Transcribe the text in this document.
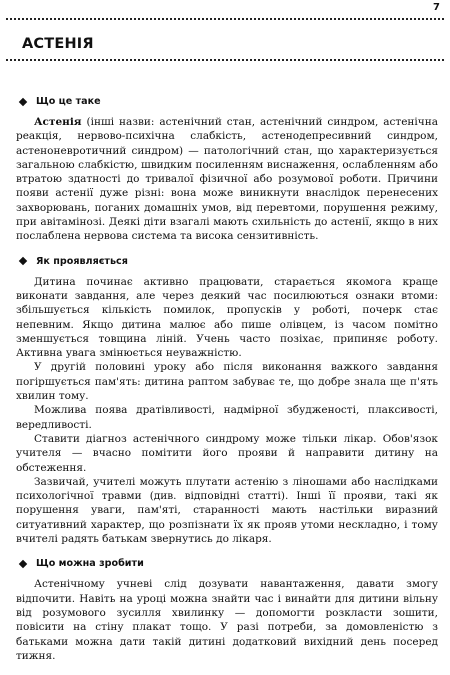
7
АСТЕНІЯ
Що це таке

Астенія (інші назви: астенічний стан, астенічний синдром, астенічна реакція, нервово-психічна слабкість, астенодепресивний синдром, астеноневротичний синдром) — патологічний стан, що характеризується загальною слабкістю, швидким посиленням виснаження, ослабленням або втратою здатності до тривалої фізичної або розумової роботи. Причини появи астенії дуже різні: вона може виникнути внаслідок перенесених захворювань, поганих домашніх умов, від перевтоми, порушення режиму, при авітамінозі. Деякі діти взагалі мають схильність до астенії, якщо в них послаблена нервова система та висока сензитивність.

Як проявляється

Дитина починає активно працювати, старається якомога краще виконати завдання, але через деякий час посилюються ознаки втоми: збільшується кількість помилок, пропусків у роботі, почерк стає непевним. Якщо дитина малює або пише олівцем, із часом помітно зменшується товщина ліній. Учень часто позіхає, припиняє роботу. Активна увага змінюється неуважністю.

У другій половині уроку або після виконання важкого завдання погіршується пам'ять: дитина раптом забуває те, що добре знала ще п'ять хвилин тому.

Можлива поява дратівливості, надмірної збудженості, плаксивості, вередливості.

Ставити діагноз астенічного синдрому може тільки лікар. Обов'язок учителя — вчасно помітити його прояви й направити дитину на обстеження.

Зазвичай, учителі можуть плутати астенію з ліношами або наслідками психологічної травми (див. відповідні статті). Інші її прояви, такі як порушення уваги, пам'яті, старанності мають настільки виразний ситуативний характер, що розпізнати їх як прояв утоми нескладно, і тому вчителі радять батькам звернутись до лікаря.

Що можна зробити

Астенічному учневі слід дозувати навантаження, давати змогу відпочити. Навіть на уроці можна знайти час і винайти для дитини вільну від розумового зусилля хвилинку — допомогти розкласти зошити, повісити на стіну плакат тощо. У разі потреби, за домовленістю з батьками можна дати такій дитині додатковий вихідний день посеред тижня.
